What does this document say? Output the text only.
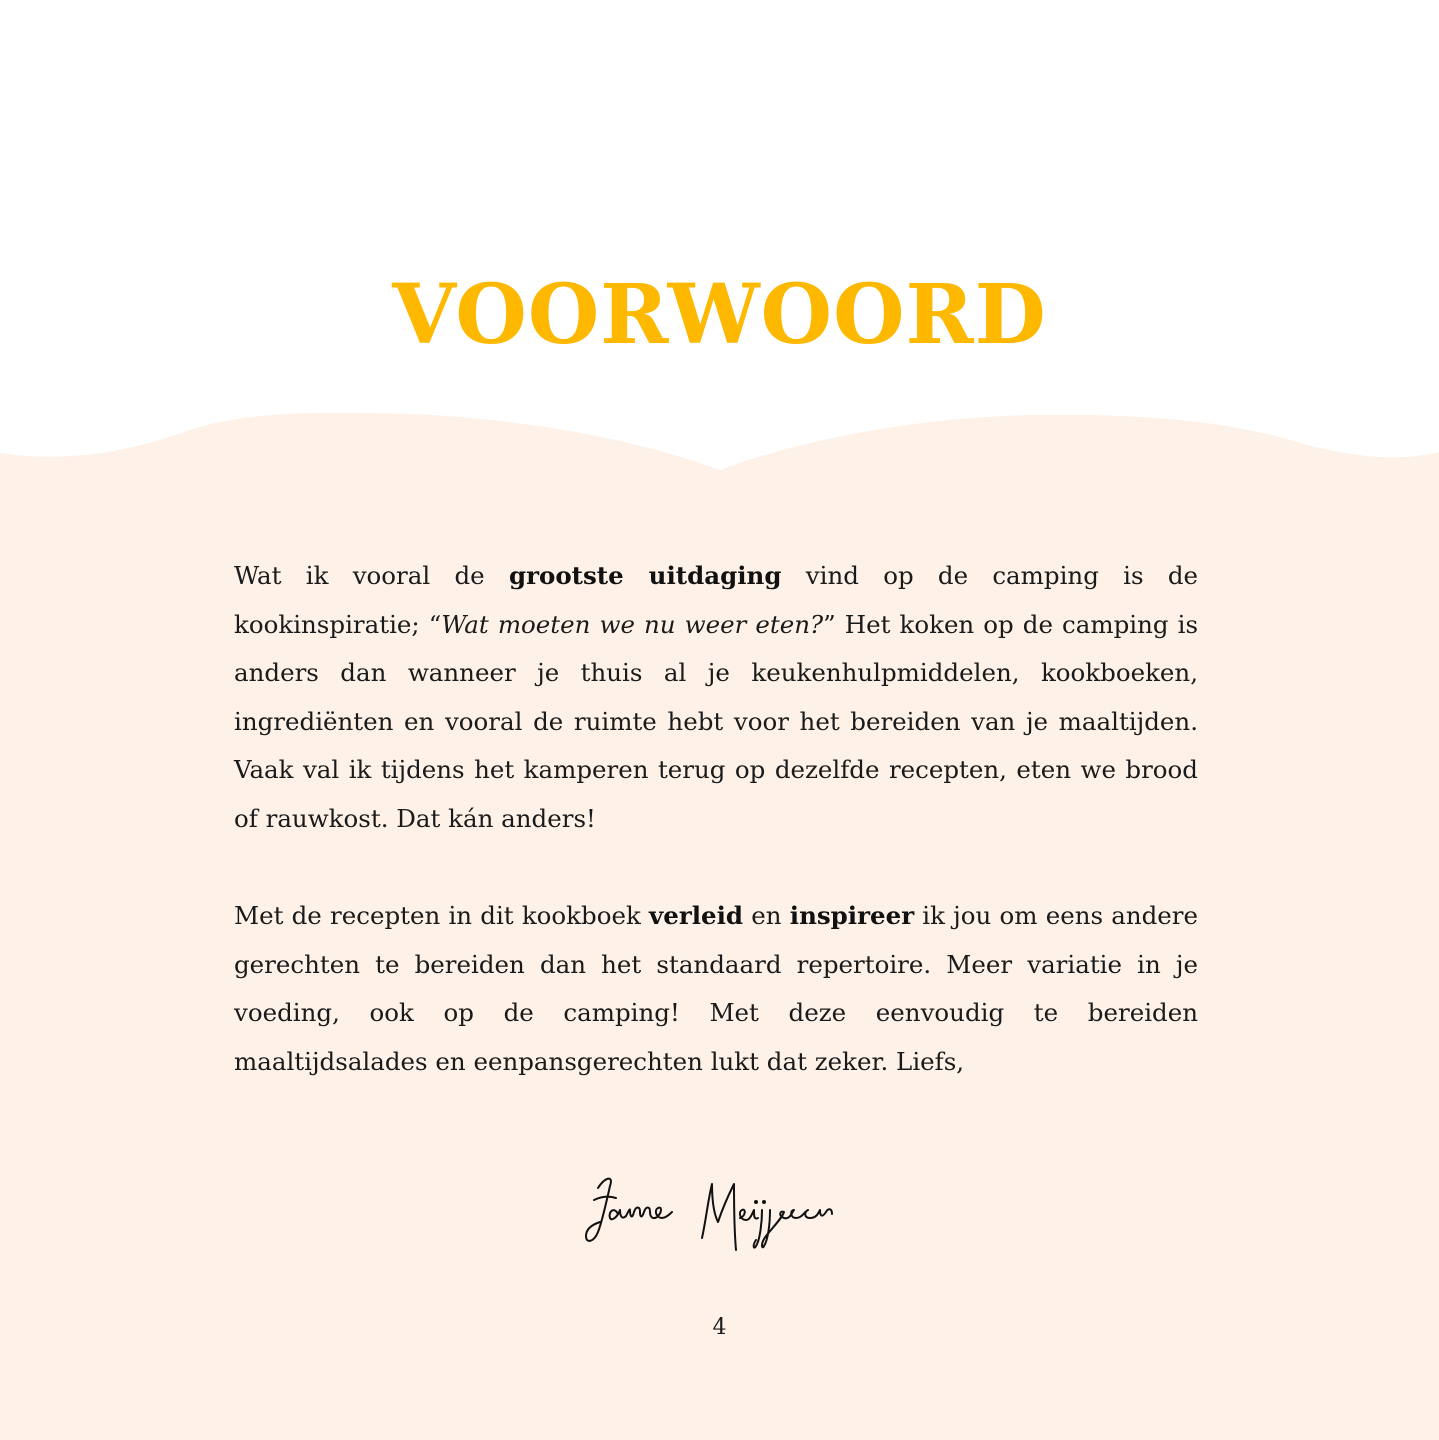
VOORWOORD

Wat ik vooral de grootste uitdaging vind op de camping is de kookinspiratie; “Wat moeten we nu weer eten?” Het koken op de camping is anders dan wanneer je thuis al je keukenhulpmiddelen, kookboeken, ingrediënten en vooral de ruimte hebt voor het bereiden van je maaltijden. Vaak val ik tijdens het kamperen terug op dezelfde recepten, eten we brood of rauwkost. Dat kán anders!

Met de recepten in dit kookboek verleid en inspireer ik jou om eens andere gerechten te bereiden dan het standaard repertoire. Meer variatie in je voeding, ook op de camping! Met deze eenvoudig te bereiden maaltijdsalades en eenpansgerechten lukt dat zeker. Liefs,

4
